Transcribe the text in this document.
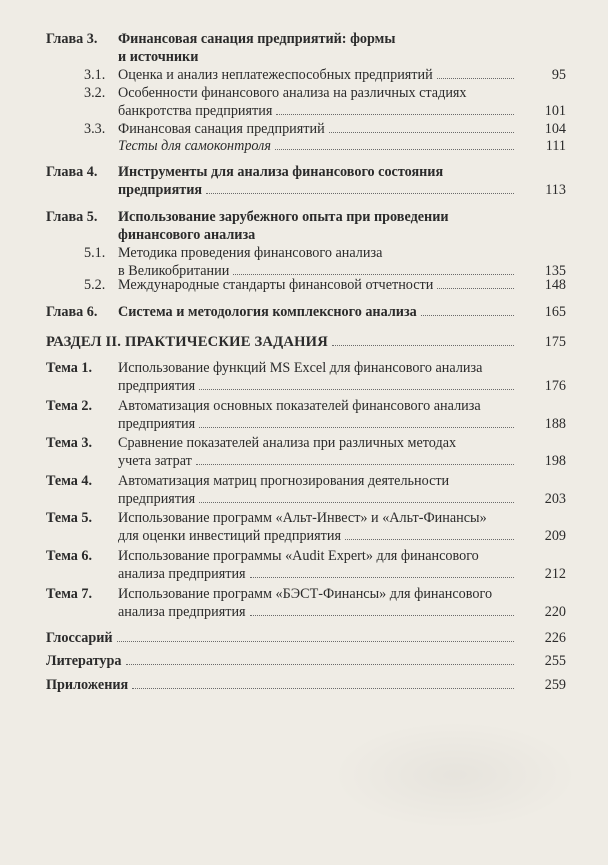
Глава 3. Финансовая санация предприятий: формы
и источники
3.1. Оценка и анализ неплатежеспособных предприятий	95
3.2. Особенности финансового анализа на различных стадиях
банкротства предприятия	101
3.3. Финансовая санация предприятий	104
Тесты для самоконтроля	111
Глава 4. Инструменты для анализа финансового состояния
предприятия	113
Глава 5. Использование зарубежного опыта при проведении
финансового анализа
5.1. Методика проведения финансового анализа
в Великобритании	135
5.2. Международные стандарты финансовой отчетности	148
Глава 6. Система и методология комплексного анализа	165
РАЗДЕЛ II. ПРАКТИЧЕСКИЕ ЗАДАНИЯ	175
Тема 1. Использование функций MS Excel для финансового анализа
предприятия	176
Тема 2. Автоматизация основных показателей финансового анализа
предприятия	188
Тема 3. Сравнение показателей анализа при различных методах
учета затрат	198
Тема 4. Автоматизация матриц прогнозирования деятельности
предприятия	203
Тема 5. Использование программ «Альт-Инвест» и «Альт-Финансы»
для оценки инвестиций предприятия	209
Тема 6. Использование программы «Audit Expert» для финансового
анализа предприятия	212
Тема 7. Использование программ «БЭСТ-Финансы» для финансового
анализа предприятия	220
Глоссарий	226
Литература	255
Приложения	259
